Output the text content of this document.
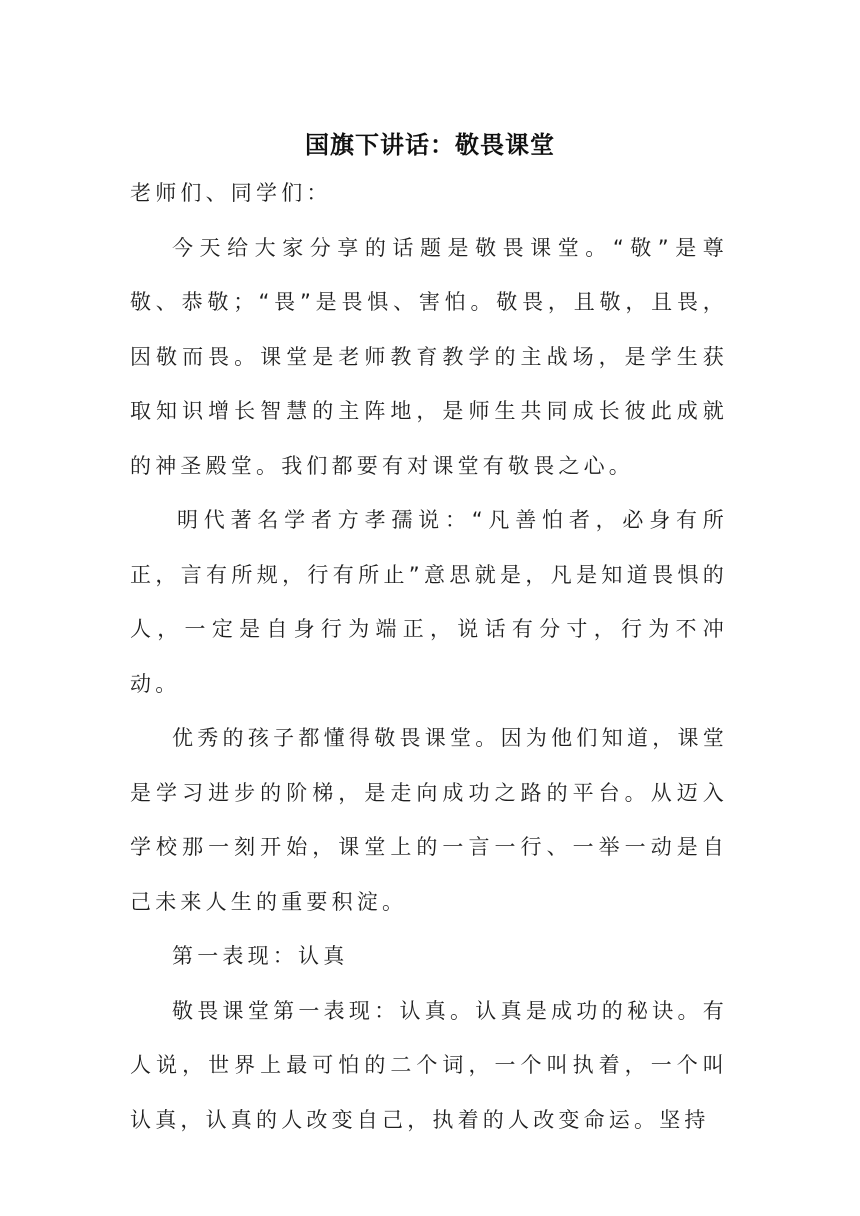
国旗下讲话：敬畏课堂

老师们、同学们：

今天给大家分享的话题是敬畏课堂。“敬”是尊敬、恭敬；“畏”是畏惧、害怕。敬畏，且敬，且畏，因敬而畏。课堂是老师教育教学的主战场，是学生获取知识增长智慧的主阵地，是师生共同成长彼此成就的神圣殿堂。我们都要有对课堂有敬畏之心。

明代著名学者方孝孺说：“凡善怕者，必身有所正，言有所规，行有所止”意思就是，凡是知道畏惧的人，一定是自身行为端正，说话有分寸，行为不冲动。

优秀的孩子都懂得敬畏课堂。因为他们知道，课堂是学习进步的阶梯，是走向成功之路的平台。从迈入学校那一刻开始，课堂上的一言一行、一举一动是自己未来人生的重要积淀。

第一表现：认真

敬畏课堂第一表现：认真。认真是成功的秘诀。有人说，世界上最可怕的二个词，一个叫执着，一个叫认真，认真的人改变自己，执着的人改变命运。坚持
